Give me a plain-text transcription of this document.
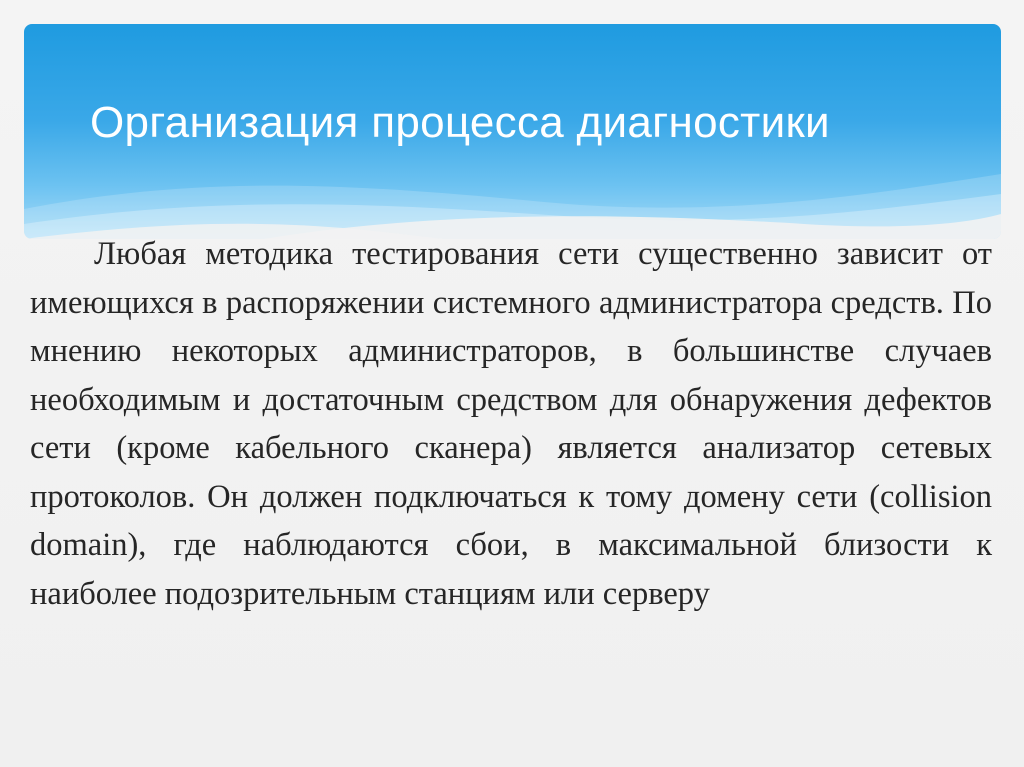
Организация процесса диагностики

Любая методика тестирования сети существенно зависит от имеющихся в распоряжении системного администратора средств. По мнению некоторых администраторов, в большинстве случаев необходимым и достаточным средством для обнаружения дефектов сети (кроме кабельного сканера) является анализатор сетевых протоколов. Он должен подключаться к тому домену сети (collision domain), где наблюдаются сбои, в максимальной близости к наиболее подозрительным станциям или серверу
